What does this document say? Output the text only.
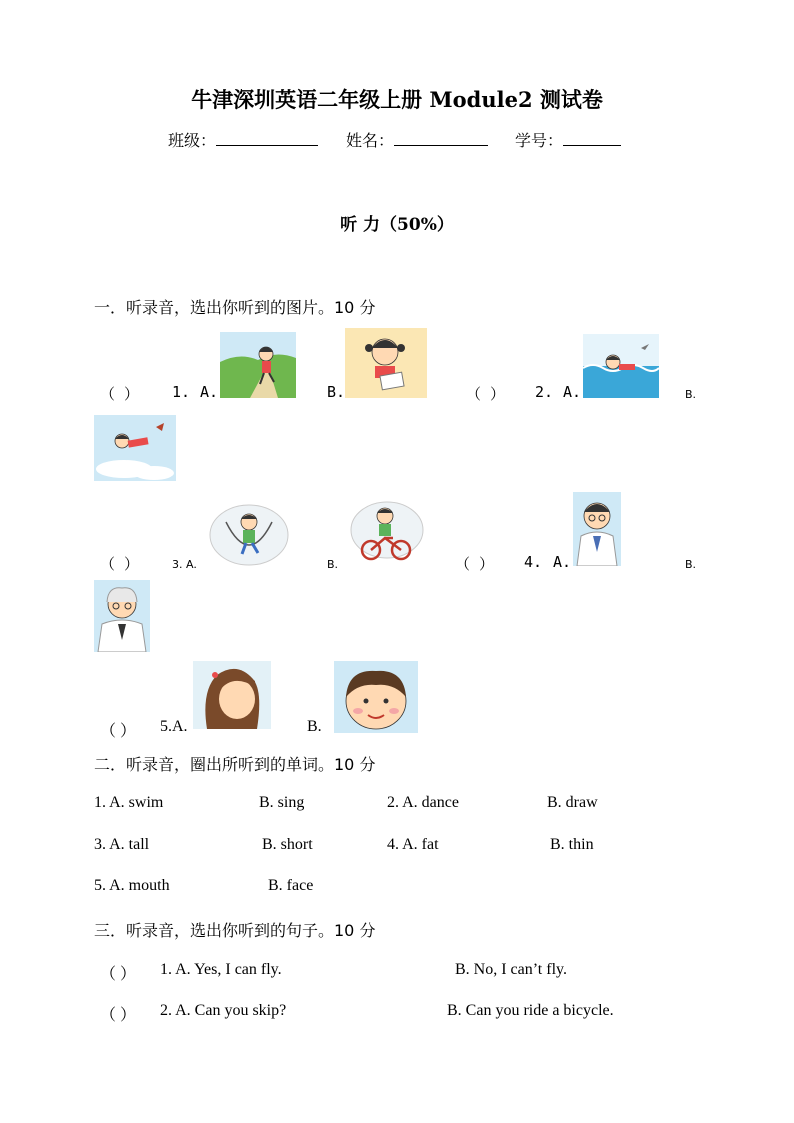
牛津深圳英语二年级上册 Module2 测试卷
班级：	姓名：	学号：
听 力（50%）
一．听录音，选出你听到的图片。10 分
（ ） 1. A.	B.	（ ） 2. A.	B.
（ ）	3. A.	B.	（ ） 4. A.	B.
（ ） 5.A.	B.
二．听录音，圈出所听到的单词。10 分
1. A. swim	B. sing	2. A. dance	B. draw
3. A. tall	B. short	4. A. fat	B. thin
5. A. mouth	B. face
三．听录音，选出你听到的句子。10 分
（ ） 1. A. Yes, I can fly.	B. No, I can’t fly.
（ ） 2. A. Can you skip?	B. Can you ride a bicycle.
